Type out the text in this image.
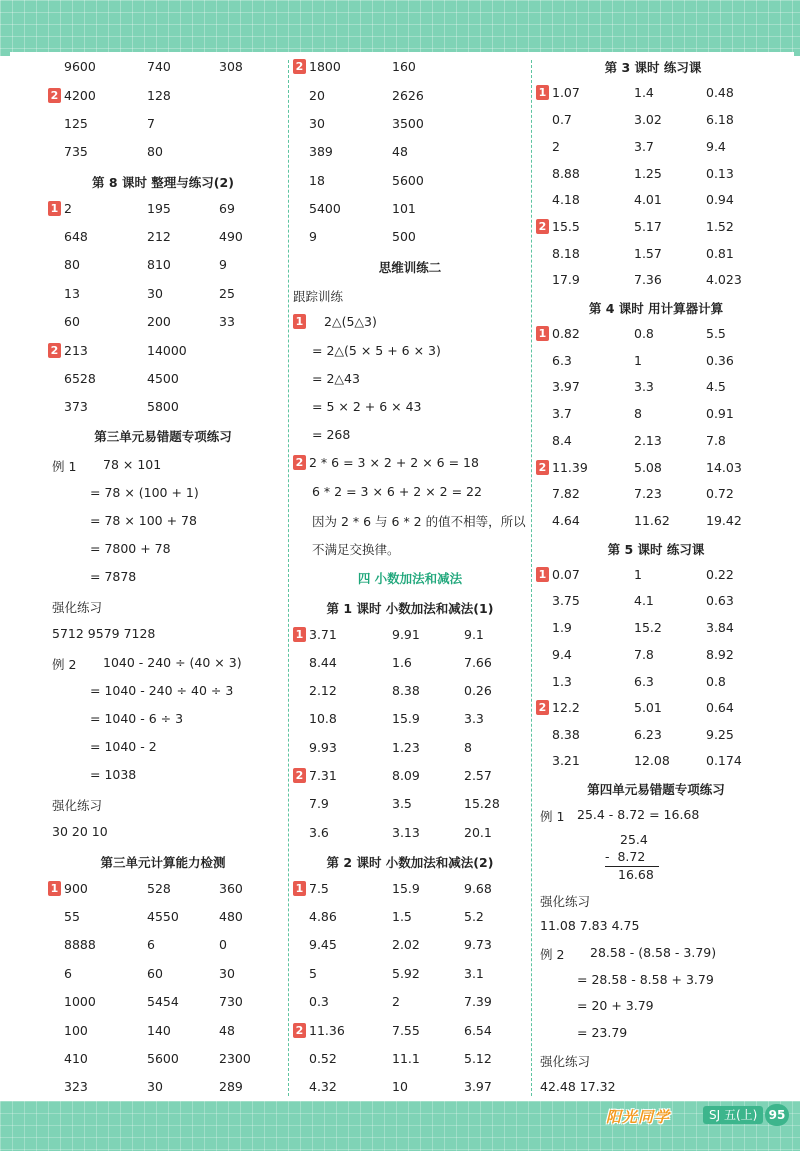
9600	740	308
2 4200	128
125	7
735	80
第 8 课时 整理与练习(2)
1 2	195	69
648	212	490
80	810	9
13	30	25
60	200	33
2 213	14000
6528	4500
373	5800
第三单元易错题专项练习
例 1 78 × 101
= 78 × (100 + 1)
= 78 × 100 + 78
= 7800 + 78
= 7878
强化练习
5712 9579 7128
例 2 1040 - 240 ÷ (40 × 3)
= 1040 - 240 ÷ 40 ÷ 3
= 1040 - 6 ÷ 3
= 1040 - 2
= 1038
强化练习
30 20 10
第三单元计算能力检测
1 900	528	360
55	4550	480
8888	6	0
6	60	30
1000	5454	730
100	140	48
410	5600	2300
323	30	289
2 1800	160
20	2626
30	3500
389	48
18	5600
5400	101
9	500
思维训练二
跟踪训练
1 2△(5△3)
= 2△(5 × 5 + 6 × 3)
= 2△43
= 5 × 2 + 6 × 43
= 268
2 2 * 6 = 3 × 2 + 2 × 6 = 18
6 * 2 = 3 × 6 + 2 × 2 = 22
因为 2 * 6 与 6 * 2 的值不相等，所以
不满足交换律。
四 小数加法和减法
第 1 课时 小数加法和减法(1)
1 3.71	9.91	9.1
8.44	1.6	7.66
2.12	8.38	0.26
10.8	15.9	3.3
9.93	1.23	8
2 7.31	8.09	2.57
7.9	3.5	15.28
3.6	3.13	20.1
第 2 课时 小数加法和减法(2)
1 7.5	15.9	9.68
4.86	1.5	5.2
9.45	2.02	9.73
5	5.92	3.1
0.3	2	7.39
2 11.36	7.55	6.54
0.52	11.1	5.12
4.32	10	3.97
第 3 课时 练习课
1 1.07	1.4	0.48
0.7	3.02	6.18
2	3.7	9.4
8.88	1.25	0.13
4.18	4.01	0.94
2 15.5	5.17	1.52
8.18	1.57	0.81
17.9	7.36	4.023
第 4 课时 用计算器计算
1 0.82	0.8	5.5
6.3	1	0.36
3.97	3.3	4.5
3.7	8	0.91
8.4	2.13	7.8
2 11.39	5.08	14.03
7.82	7.23	0.72
4.64	11.62	19.42
第 5 课时 练习课
1 0.07	1	0.22
3.75	4.1	0.63
1.9	15.2	3.84
9.4	7.8	8.92
1.3	6.3	0.8
2 12.2	5.01	0.64
8.38	6.23	9.25
3.21	12.08	0.174
第四单元易错题专项练习
例 1 25.4 - 8.72 = 16.68
25.4
-  8.72
16.68
强化练习
11.08 7.83 4.75
例 2 28.58 - (8.58 - 3.79)
= 28.58 - 8.58 + 3.79
= 20 + 3.79
= 23.79
强化练习
42.48 17.32
阳光同学	SJ 五(上) 95
